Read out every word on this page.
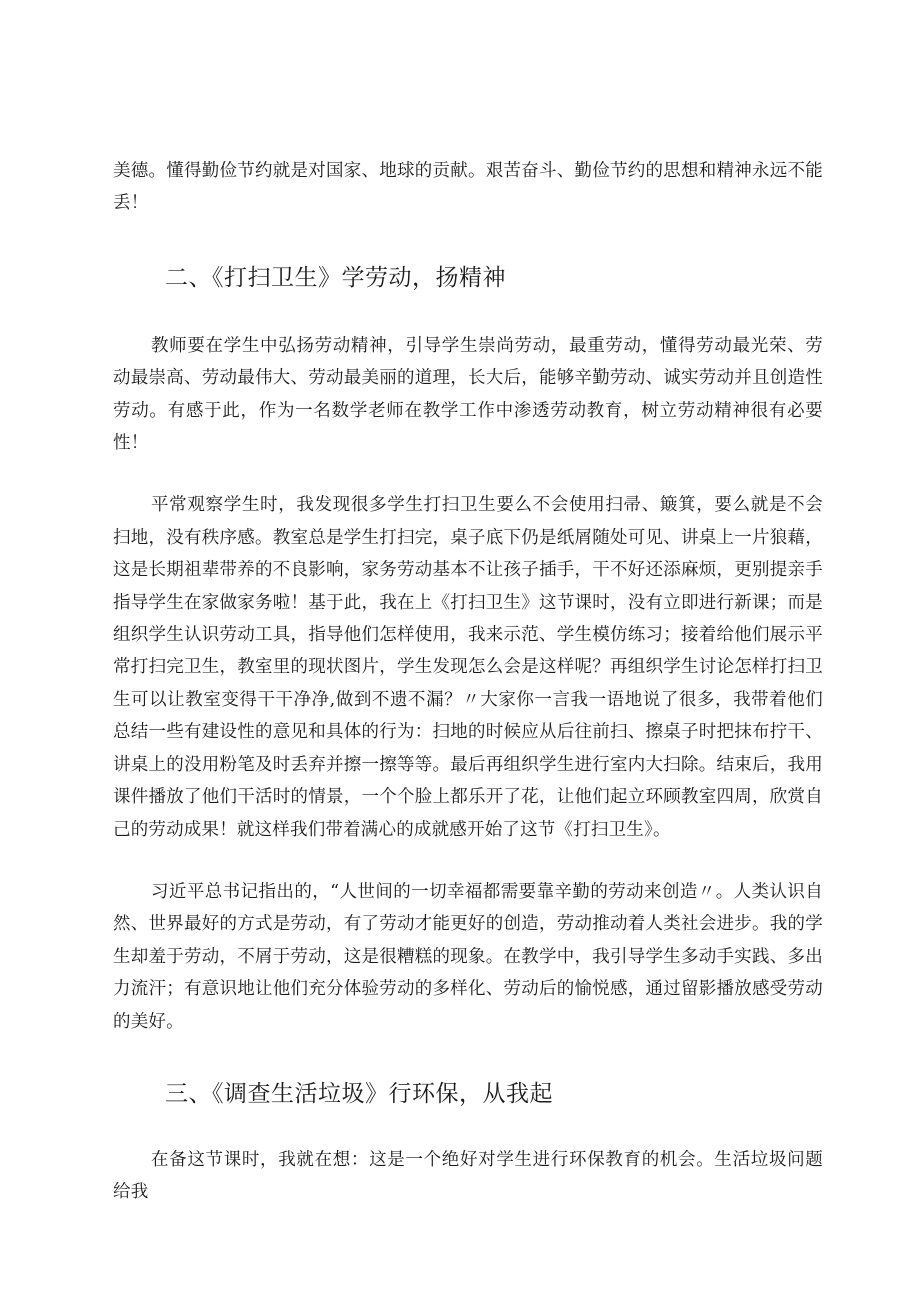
美德。懂得勤俭节约就是对国家、地球的贡献。艰苦奋斗、勤俭节约的思想和精神永远不能丢！

二、《打扫卫生》学劳动，扬精神

教师要在学生中弘扬劳动精神，引导学生崇尚劳动，最重劳动，懂得劳动最光荣、劳动最崇高、劳动最伟大、劳动最美丽的道理，长大后，能够辛勤劳动、诚实劳动并且创造性劳动。有感于此，作为一名数学老师在教学工作中渗透劳动教育，树立劳动精神很有必要性！

平常观察学生时，我发现很多学生打扫卫生要么不会使用扫帚、簸箕，要么就是不会扫地，没有秩序感。教室总是学生打扫完，桌子底下仍是纸屑随处可见、讲桌上一片狼藉，这是长期祖辈带养的不良影响，家务劳动基本不让孩子插手，干不好还添麻烦，更别提亲手指导学生在家做家务啦！基于此，我在上《打扫卫生》这节课时，没有立即进行新课；而是组织学生认识劳动工具，指导他们怎样使用，我来示范、学生模仿练习；接着给他们展示平常打扫完卫生，教室里的现状图片，学生发现怎么会是这样呢？再组织学生讨论怎样打扫卫生可以让教室变得干干净净,做到不遗不漏？〃大家你一言我一语地说了很多，我带着他们总结一些有建设性的意见和具体的行为：扫地的时候应从后往前扫、擦桌子时把抹布拧干、讲桌上的没用粉笔及时丢弃并擦一擦等等。最后再组织学生进行室内大扫除。结束后，我用课件播放了他们干活时的情景，一个个脸上都乐开了花，让他们起立环顾教室四周，欣赏自己的劳动成果！就这样我们带着满心的成就感开始了这节《打扫卫生》。

习近平总书记指出的，“人世间的一切幸福都需要靠辛勤的劳动来创造〃。人类认识自然、世界最好的方式是劳动，有了劳动才能更好的创造，劳动推动着人类社会进步。我的学生却羞于劳动，不屑于劳动，这是很糟糕的现象。在教学中，我引导学生多动手实践、多出力流汗；有意识地让他们充分体验劳动的多样化、劳动后的愉悦感，通过留影播放感受劳动的美好。

三、《调查生活垃圾》行环保，从我起

在备这节课时，我就在想：这是一个绝好对学生进行环保教育的机会。生活垃圾问题给我
